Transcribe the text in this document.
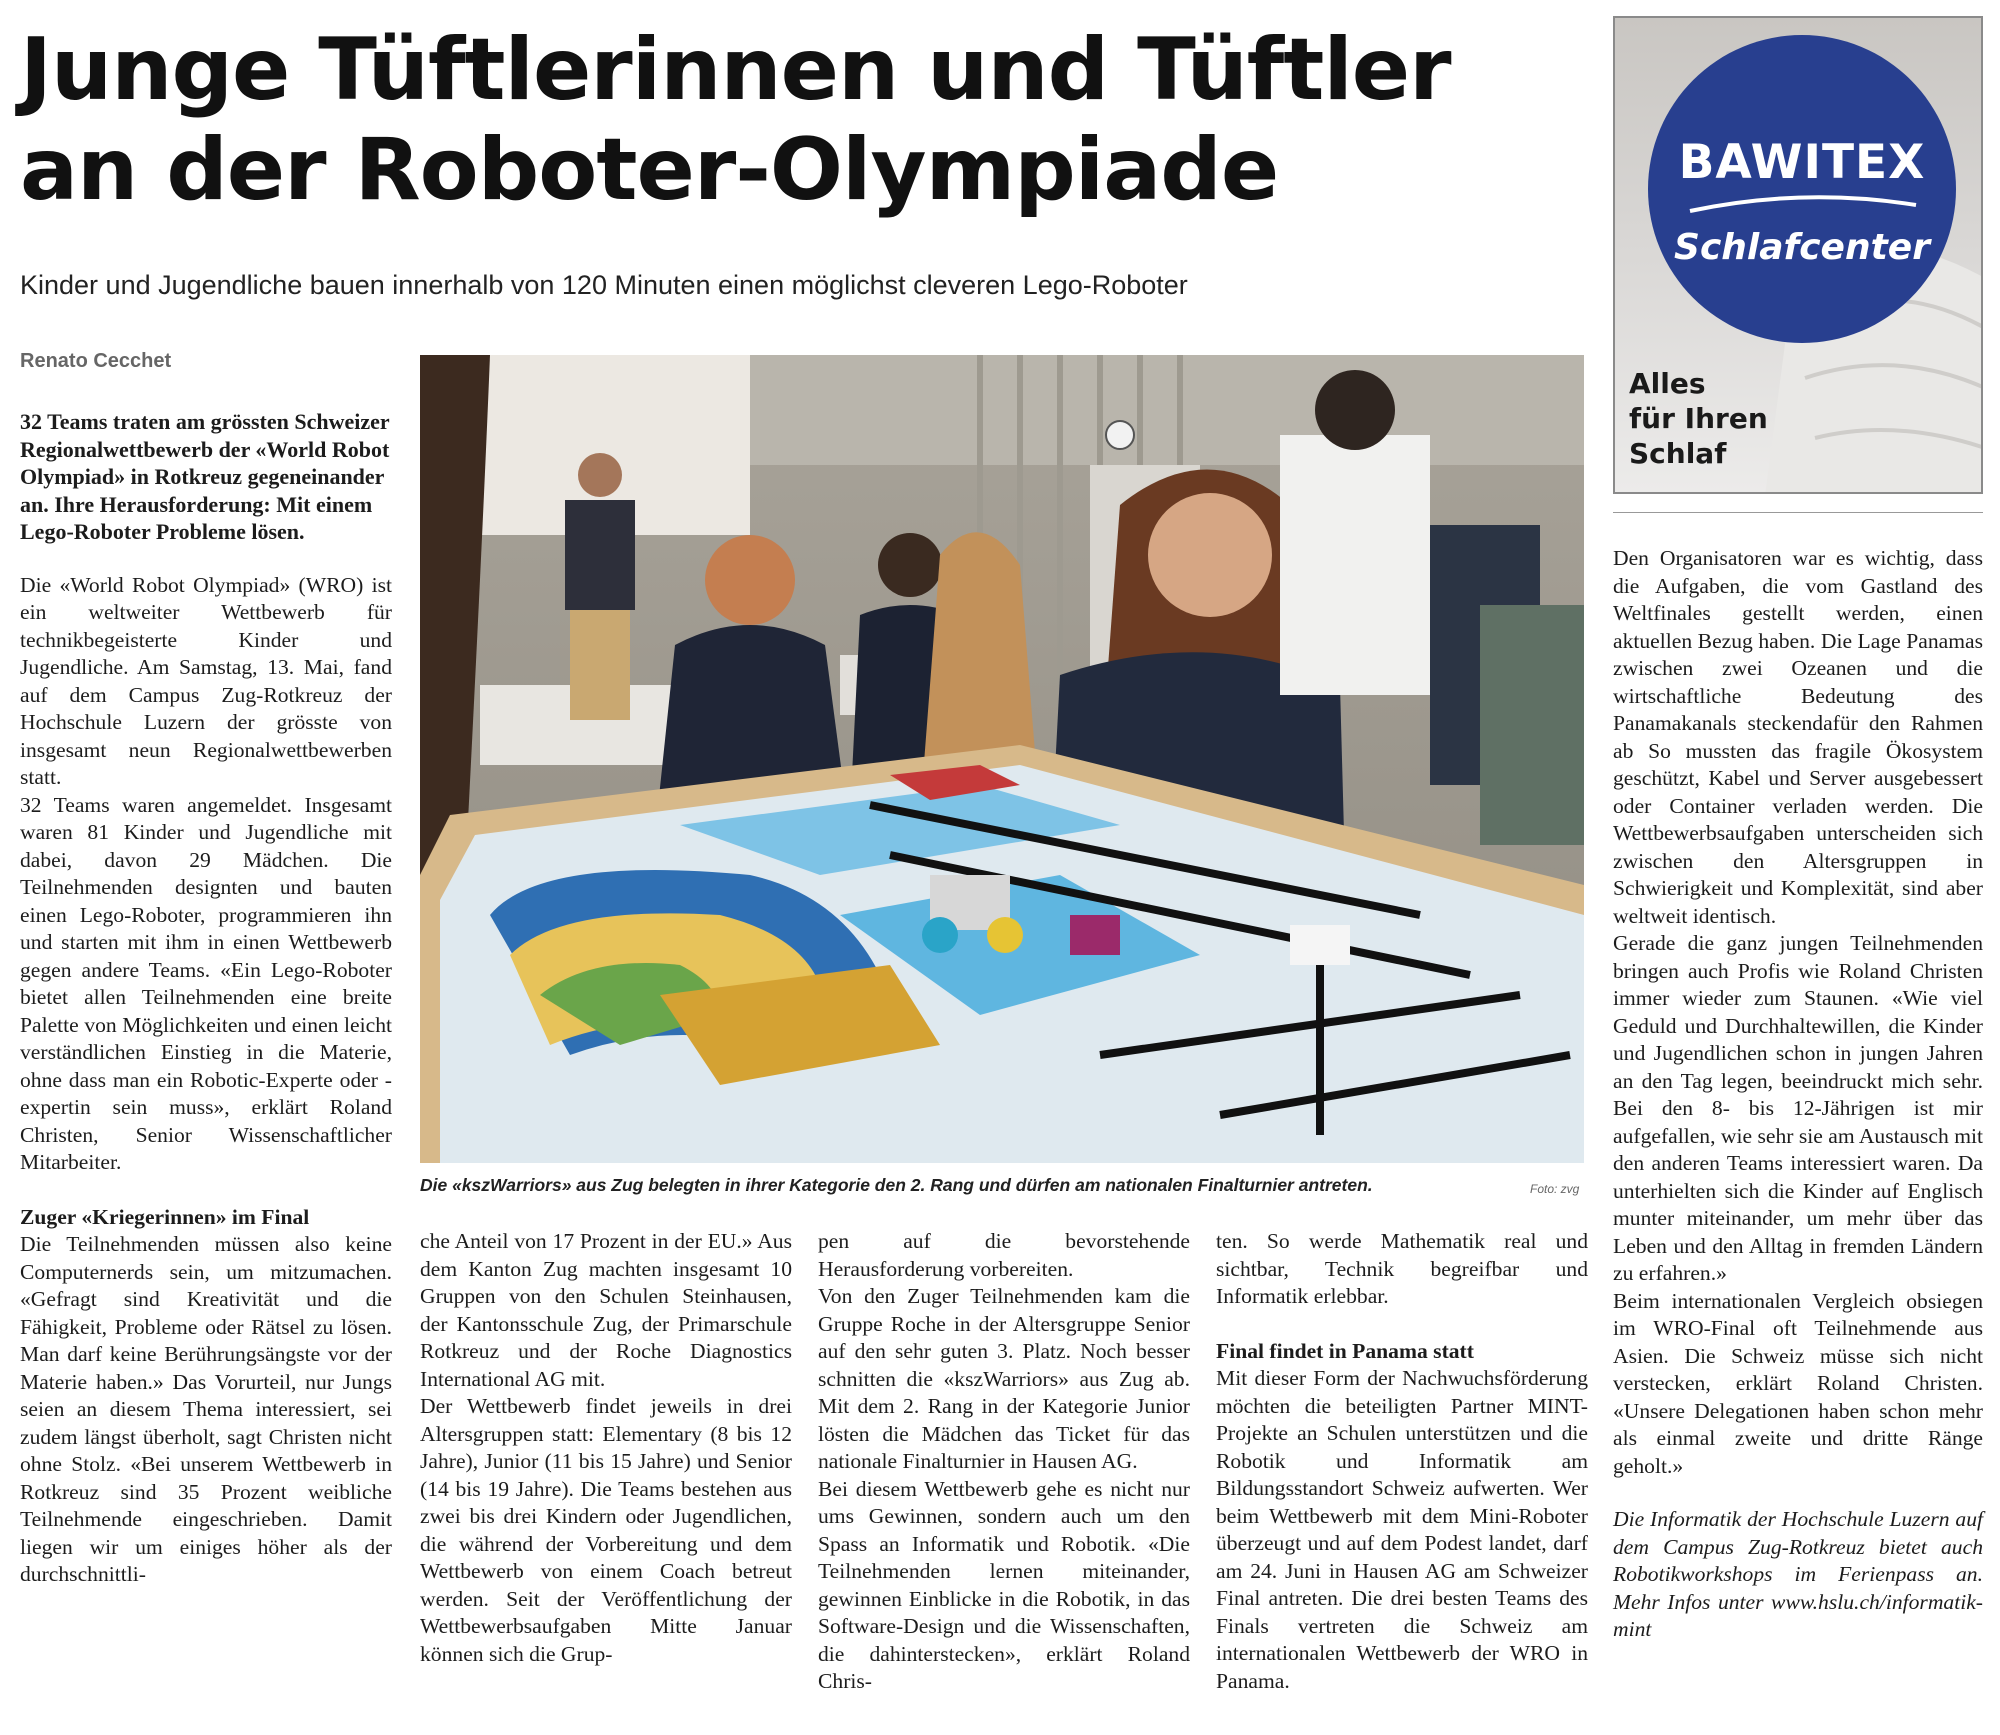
Junge Tüftlerinnen und Tüftler
an der Roboter-Olympiade

Kinder und Jugendliche bauen innerhalb von 120 Minuten einen möglichst cleveren Lego-Roboter

Renato Cecchet

32 Teams traten am grössten Schweizer Regionalwettbewerb der «World Robot Olympiad» in Rotkreuz gegeneinander an. Ihre Herausforderung: Mit einem Lego-Roboter Probleme lösen.

Die «World Robot Olympiad» (WRO) ist ein weltweiter Wettbewerb für technikbegeisterte Kinder und Jugendliche. Am Samstag, 13. Mai, fand auf dem Campus Zug-Rotkreuz der Hochschule Luzern der grösste von insgesamt neun Regionalwettbewerben statt.

32 Teams waren angemeldet. Insgesamt waren 81 Kinder und Jugendliche mit dabei, davon 29 Mädchen. Die Teilnehmenden designten und bauten einen Lego-Roboter, programmieren ihn und starten mit ihm in einen Wettbewerb gegen andere Teams. «Ein Lego-Roboter bietet allen Teilnehmenden eine breite Palette von Möglichkeiten und einen leicht verständlichen Einstieg in die Materie, ohne dass man ein Robotic-Experte oder -expertin sein muss», erklärt Roland Christen, Senior Wissenschaftlicher Mitarbeiter.

Zuger «Kriegerinnen» im Final

Die Teilnehmenden müssen also keine Computernerds sein, um mitzumachen. «Gefragt sind Kreativität und die Fähigkeit, Probleme oder Rätsel zu lösen. Man darf keine Berührungsängste vor der Materie haben.» Das Vorurteil, nur Jungs seien an diesem Thema interessiert, sei zudem längst überholt, sagt Christen nicht ohne Stolz. «Bei unserem Wettbewerb in Rotkreuz sind 35 Prozent weibliche Teilnehmende eingeschrieben. Damit liegen wir um einiges höher als der durchschnittli-

Die «kszWarriors» aus Zug belegten in ihrer Kategorie den 2. Rang und dürfen am nationalen Finalturnier antreten.	Foto: zvg

che Anteil von 17 Prozent in der EU.» Aus dem Kanton Zug machten insgesamt 10 Gruppen von den Schulen Steinhausen, der Kantonsschule Zug, der Primarschule Rotkreuz und der Roche Diagnostics International AG mit.

Der Wettbewerb findet jeweils in drei Altersgruppen statt: Elementary (8 bis 12 Jahre), Junior (11 bis 15 Jahre) und Senior (14 bis 19 Jahre). Die Teams bestehen aus zwei bis drei Kindern oder Jugendlichen, die während der Vorbereitung und dem Wettbewerb von einem Coach betreut werden. Seit der Veröffentlichung der Wettbewerbsaufgaben Mitte Januar können sich die Grup-

pen auf die bevorstehende Herausforderung vorbereiten.

Von den Zuger Teilnehmenden kam die Gruppe Roche in der Altersgruppe Senior auf den sehr guten 3. Platz. Noch besser schnitten die «kszWarriors» aus Zug ab. Mit dem 2. Rang in der Kategorie Junior lösten die Mädchen das Ticket für das nationale Finalturnier in Hausen AG.

Bei diesem Wettbewerb gehe es nicht nur ums Gewinnen, sondern auch um den Spass an Informatik und Robotik. «Die Teilnehmenden lernen miteinander, gewinnen Einblicke in die Robotik, in das Software-Design und die Wissenschaften, die dahinterstecken», erklärt Roland Chris-

ten. So werde Mathematik real und sichtbar, Technik begreifbar und Informatik erlebbar.

Final findet in Panama statt

Mit dieser Form der Nachwuchsförderung möchten die beteiligten Partner MINT-Projekte an Schulen unterstützen und die Robotik und Informatik am Bildungsstandort Schweiz aufwerten. Wer beim Wettbewerb mit dem Mini-Roboter überzeugt und auf dem Podest landet, darf am 24. Juni in Hausen AG am Schweizer Final antreten. Die drei besten Teams des Finals vertreten die Schweiz am internationalen Wettbewerb der WRO in Panama.

BAWITEX
Schlafcenter
Alles
für Ihren
Schlaf

Den Organisatoren war es wichtig, dass die Aufgaben, die vom Gastland des Weltfinales gestellt werden, einen aktuellen Bezug haben. Die Lage Panamas zwischen zwei Ozeanen und die wirtschaftliche Bedeutung des Panamakanals steckendafür den Rahmen ab So mussten das fragile Ökosystem geschützt, Kabel und Server ausgebessert oder Container verladen werden. Die Wettbewerbsaufgaben unterscheiden sich zwischen den Altersgruppen in Schwierigkeit und Komplexität, sind aber weltweit identisch.

Gerade die ganz jungen Teilnehmenden bringen auch Profis wie Roland Christen immer wieder zum Staunen. «Wie viel Geduld und Durchhaltewillen, die Kinder und Jugendlichen schon in jungen Jahren an den Tag legen, beeindruckt mich sehr. Bei den 8- bis 12-Jährigen ist mir aufgefallen, wie sehr sie am Austausch mit den anderen Teams interessiert waren. Da unterhielten sich die Kinder auf Englisch munter miteinander, um mehr über das Leben und den Alltag in fremden Ländern zu erfahren.»

Beim internationalen Vergleich obsiegen im WRO-Final oft Teilnehmende aus Asien. Die Schweiz müsse sich nicht verstecken, erklärt Roland Christen. «Unsere Delegationen haben schon mehr als einmal zweite und dritte Ränge geholt.»

Die Informatik der Hochschule Luzern auf dem Campus Zug-Rotkreuz bietet auch Robotikworkshops im Ferienpass an. Mehr Infos unter www.hslu.ch/informatik-mint
